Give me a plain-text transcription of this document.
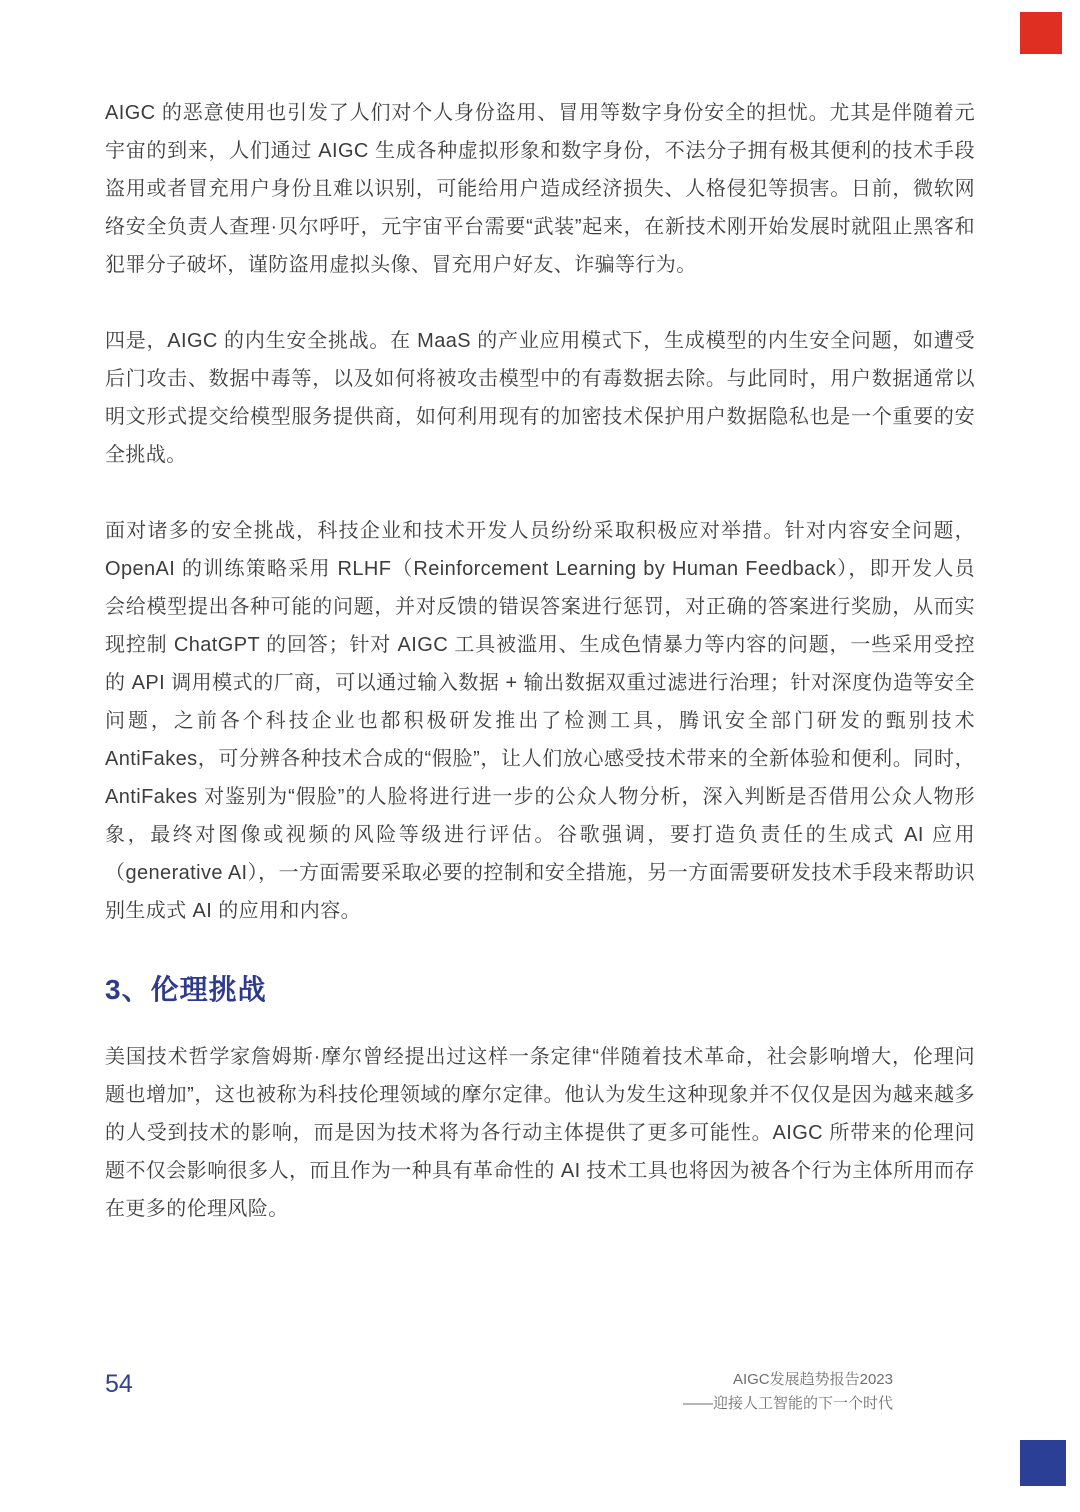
AIGC 的恶意使用也引发了人们对个人身份盗用、冒用等数字身份安全的担忧。尤其是伴随着元宇宙的到来，人们通过 AIGC 生成各种虚拟形象和数字身份，不法分子拥有极其便利的技术手段盗用或者冒充用户身份且难以识别，可能给用户造成经济损失、人格侵犯等损害。日前，微软网络安全负责人查理·贝尔呼吁，元宇宙平台需要“武装”起来，在新技术刚开始发展时就阻止黑客和犯罪分子破坏，谨防盗用虚拟头像、冒充用户好友、诈骗等行为。

四是，AIGC 的内生安全挑战。在 MaaS 的产业应用模式下，生成模型的内生安全问题，如遭受后门攻击、数据中毒等，以及如何将被攻击模型中的有毒数据去除。与此同时，用户数据通常以明文形式提交给模型服务提供商，如何利用现有的加密技术保护用户数据隐私也是一个重要的安全挑战。

面对诸多的安全挑战，科技企业和技术开发人员纷纷采取积极应对举措。针对内容安全问题，OpenAI 的训练策略采用 RLHF（Reinforcement Learning by Human Feedback），即开发人员会给模型提出各种可能的问题，并对反馈的错误答案进行惩罚，对正确的答案进行奖励，从而实现控制 ChatGPT 的回答；针对 AIGC 工具被滥用、生成色情暴力等内容的问题，一些采用受控的 API 调用模式的厂商，可以通过输入数据 + 输出数据双重过滤进行治理；针对深度伪造等安全问题，之前各个科技企业也都积极研发推出了检测工具，腾讯安全部门研发的甄别技术 AntiFakes，可分辨各种技术合成的“假脸”，让人们放心感受技术带来的全新体验和便利。同时，AntiFakes 对鉴别为“假脸”的人脸将进行进一步的公众人物分析，深入判断是否借用公众人物形象，最终对图像或视频的风险等级进行评估。谷歌强调，要打造负责任的生成式 AI 应用（generative AI），一方面需要采取必要的控制和安全措施，另一方面需要研发技术手段来帮助识别生成式 AI 的应用和内容。

3、伦理挑战

美国技术哲学家詹姆斯·摩尔曾经提出过这样一条定律“伴随着技术革命，社会影响增大，伦理问题也增加”，这也被称为科技伦理领域的摩尔定律。他认为发生这种现象并不仅仅是因为越来越多的人受到技术的影响，而是因为技术将为各行动主体提供了更多可能性。AIGC 所带来的伦理问题不仅会影响很多人，而且作为一种具有革命性的 AI 技术工具也将因为被各个行为主体所用而存在更多的伦理风险。

54	AIGC发展趋势报告2023
——迎接人工智能的下一个时代
